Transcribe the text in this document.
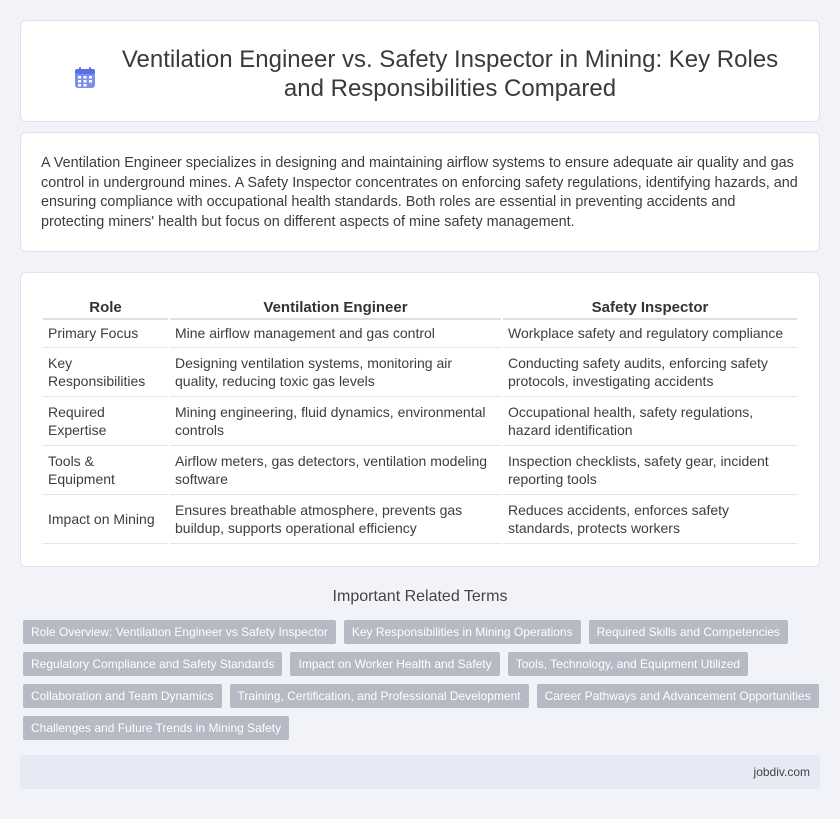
Ventilation Engineer vs. Safety Inspector in Mining: Key Roles and Responsibilities Compared

A Ventilation Engineer specializes in designing and maintaining airflow systems to ensure adequate air quality and gas control in underground mines. A Safety Inspector concentrates on enforcing safety regulations, identifying hazards, and ensuring compliance with occupational health standards. Both roles are essential in preventing accidents and protecting miners' health but focus on different aspects of mine safety management.

Role	Ventilation Engineer	Safety Inspector
Primary Focus	Mine airflow management and gas control	Workplace safety and regulatory compliance
Key Responsibilities	Designing ventilation systems, monitoring air quality, reducing toxic gas levels	Conducting safety audits, enforcing safety protocols, investigating accidents
Required Expertise	Mining engineering, fluid dynamics, environmental controls	Occupational health, safety regulations, hazard identification
Tools & Equipment	Airflow meters, gas detectors, ventilation modeling software	Inspection checklists, safety gear, incident reporting tools
Impact on Mining	Ensures breathable atmosphere, prevents gas buildup, supports operational efficiency	Reduces accidents, enforces safety standards, protects workers
Important Related Terms
Role Overview: Ventilation Engineer vs Safety Inspector	Key Responsibilities in Mining Operations	Required Skills and Competencies
Regulatory Compliance and Safety Standards	Impact on Worker Health and Safety	Tools, Technology, and Equipment Utilized
Collaboration and Team Dynamics	Training, Certification, and Professional Development	Career Pathways and Advancement Opportunities
Challenges and Future Trends in Mining Safety
jobdiv.com
